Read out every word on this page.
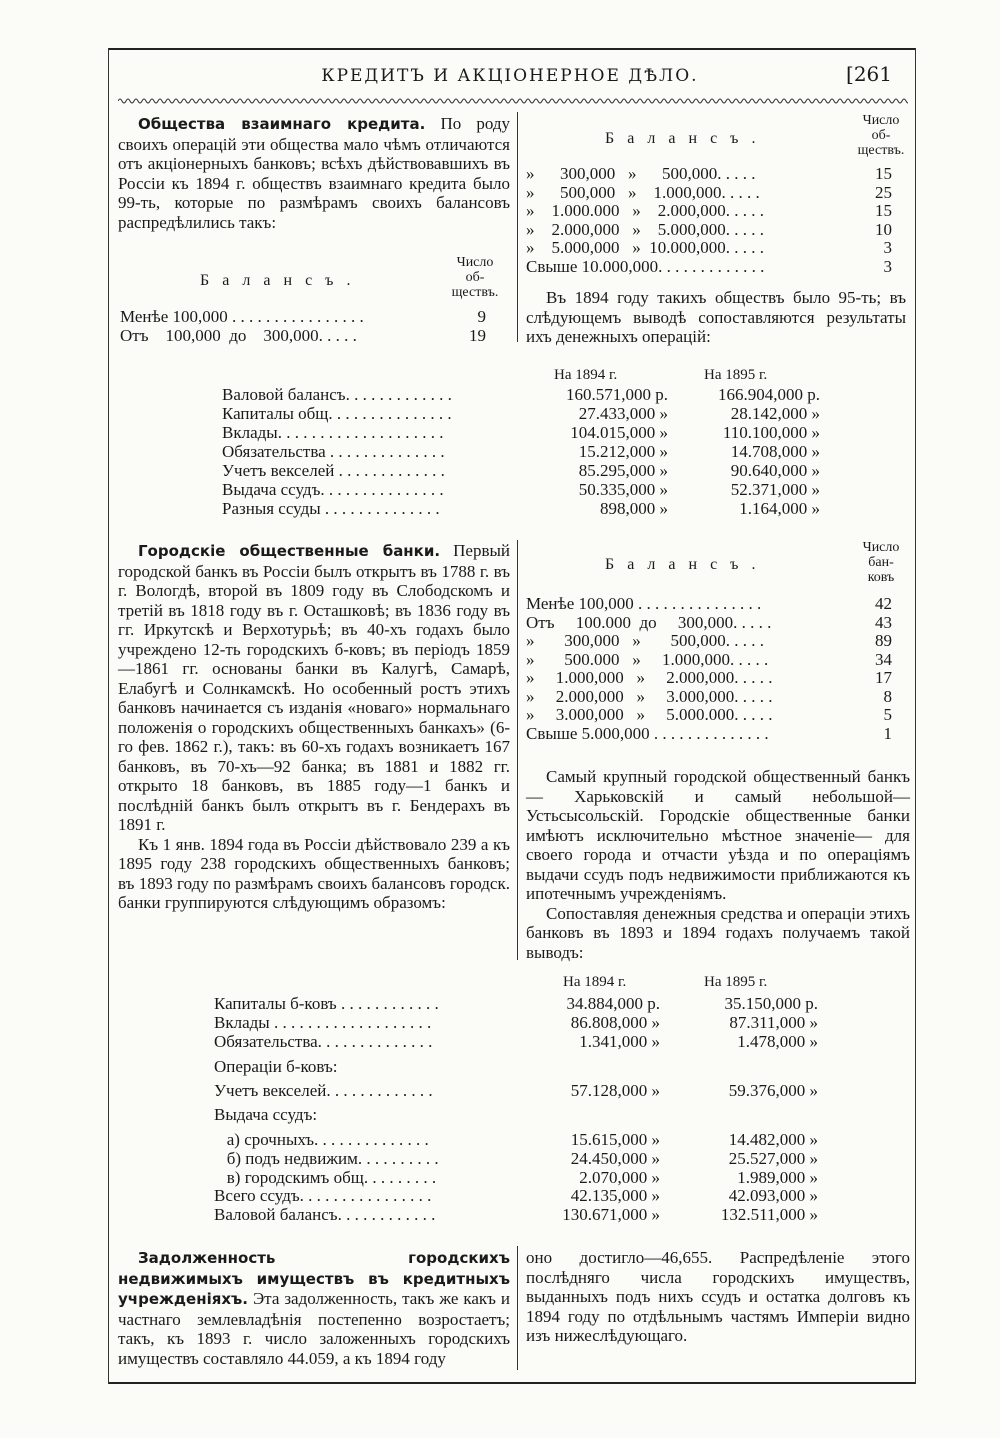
КРЕДИТЪ И АКЦІОНЕРНОЕ ДѢЛО.	[261

Общества взаимнаго кредита. По роду своихъ операцій эти общества мало чѣмъ отличаются отъ акціонерныхъ банковъ; всѣхъ дѣйствовавшихъ въ Россіи къ 1894 г. обществъ взаимнаго кредита было 99-ть, которые по размѣрамъ своихъ балансовъ распредѣлились такъ:

Балансъ.
Число
об-
ществъ.
Менѣе 100,000 . . . . . . . . . . . . . . . .	9
Отъ    100,000  до    300,000. . . . .	19
Балансъ.
Число
об-
ществъ.
»      300,000   »      500,000. . . . .	15
»      500,000   »    1.000,000. . . . .	25
»    1.000.000   »    2.000,000. . . . .	15
»    2.000,000   »    5.000,000. . . . .	10
»    5.000,000   »  10.000,000. . . . .	3
Свыше 10.000,000. . . . . . . . . . . . .	3

Въ 1894 году такихъ обществъ было 95-ть; въ слѣдующемъ выводѣ сопоставляются результаты ихъ денежныхъ операцій:

На 1894 г.	На 1895 г.
Валовой балансъ. . . . . . . . . . . . .	160.571,000 р.	166.904,000 р.
Капиталы общ. . . . . . . . . . . . . . .	27.433,000 »	28.142,000 »
Вклады. . . . . . . . . . . . . . . . . . . .	104.015,000 »	110.100,000 »
Обязательства . . . . . . . . . . . . . .	15.212,000 »	14.708,000 »
Учетъ векселей . . . . . . . . . . . . .	85.295,000 »	90.640,000 »
Выдача ссудъ. . . . . . . . . . . . . . .	50.335,000 »	52.371,000 »
Разныя ссуды . . . . . . . . . . . . . .	898,000 »	1.164,000 »

Городскіе общественные банки. Первый городской банкъ въ Россіи былъ открытъ въ 1788 г. въ г. Вологдѣ, второй въ 1809 году въ Слободскомъ и третій въ 1818 году въ г. Осташковѣ; въ 1836 году въ гг. Иркутскѣ и Верхотурьѣ; въ 40-хъ годахъ было учреждено 12-ть городскихъ б-ковъ; въ періодъ 1859—1861 гг. основаны банки въ Калугѣ, Самарѣ, Елабугѣ и Солнкамскѣ. Но особенный ростъ этихъ банковъ начинается съ изданія «новаго» нормальнаго положенія о городскихъ общественныхъ банкахъ» (6-го фев. 1862 г.), такъ: въ 60-хъ годахъ возникаетъ 167 банковъ, въ 70-хъ—92 банка; въ 1881 и 1882 гг. открыто 18 банковъ, въ 1885 году—1 банкъ и послѣдній банкъ былъ открытъ въ г. Бендерахъ въ 1891 г.

Къ 1 янв. 1894 года въ Россіи дѣйствовало 239 а къ 1895 году 238 городскихъ общественныхъ банковъ; въ 1893 году по размѣрамъ своихъ балансовъ городск. банки группируются слѣдующимъ образомъ:

Балансъ.
Число
бан-
ковъ
Менѣе 100,000 . . . . . . . . . . . . . . .	42
Отъ     100.000  до     300,000. . . . .	43
»       300,000   »       500,000. . . . .	89
»       500.000   »     1.000,000. . . . .	34
»     1.000,000   »     2.000,000. . . . .	17
»     2.000,000   »     3.000,000. . . . .	8
»     3.000,000   »     5.000.000. . . . .	5
Свыше 5.000,000 . . . . . . . . . . . . . .	1

Самый крупный городской общественный банкъ — Харьковскій и самый небольшой— Устьсысольскій. Городскіе общественные банки имѣютъ исключительно мѣстное значеніе— для своего города и отчасти уѣзда и по операціямъ выдачи ссудъ подъ недвижимости приближаются къ ипотечнымъ учрежденіямъ.

Сопоставляя денежныя средства и операціи этихъ банковъ въ 1893 и 1894 годахъ получаемъ такой выводъ:

На 1894 г.	На 1895 г.
Капиталы б-ковъ . . . . . . . . . . . .	34.884,000 р.	35.150,000 р.
Вклады . . . . . . . . . . . . . . . . . . .	86.808,000 »	87.311,000 »
Обязательства. . . . . . . . . . . . . .	1.341,000 »	1.478,000 »
Операціи б-ковъ:
Учетъ векселей. . . . . . . . . . . . .	57.128,000 »	59.376,000 »
Выдача ссудъ:
а) срочныхъ. . . . . . . . . . . . . .	15.615,000 »	14.482,000 »
б) подъ недвижим. . . . . . . . . .	24.450,000 »	25.527,000 »
в) городскимъ общ. . . . . . . . .	2.070,000 »	1.989,000 »
Всего ссудъ. . . . . . . . . . . . . . . .	42.135,000 »	42.093,000 »
Валовой балансъ. . . . . . . . . . . .	130.671,000 »	132.511,000 »

Задолженность городскихъ недвижимыхъ имуществъ въ кредитныхъ учрежденіяхъ. Эта задолженность, такъ же какъ и частнаго землевладѣнія постепенно возростаетъ; такъ, къ 1893 г. число заложенныхъ городскихъ имуществъ составляло 44.059, а къ 1894 году

оно достигло—46,655. Распредѣленіе этого послѣдняго числа городскихъ имуществъ, выданныхъ подъ нихъ ссудъ и остатка долговъ къ 1894 году по отдѣльнымъ частямъ Имперіи видно изъ нижеслѣдующаго.
